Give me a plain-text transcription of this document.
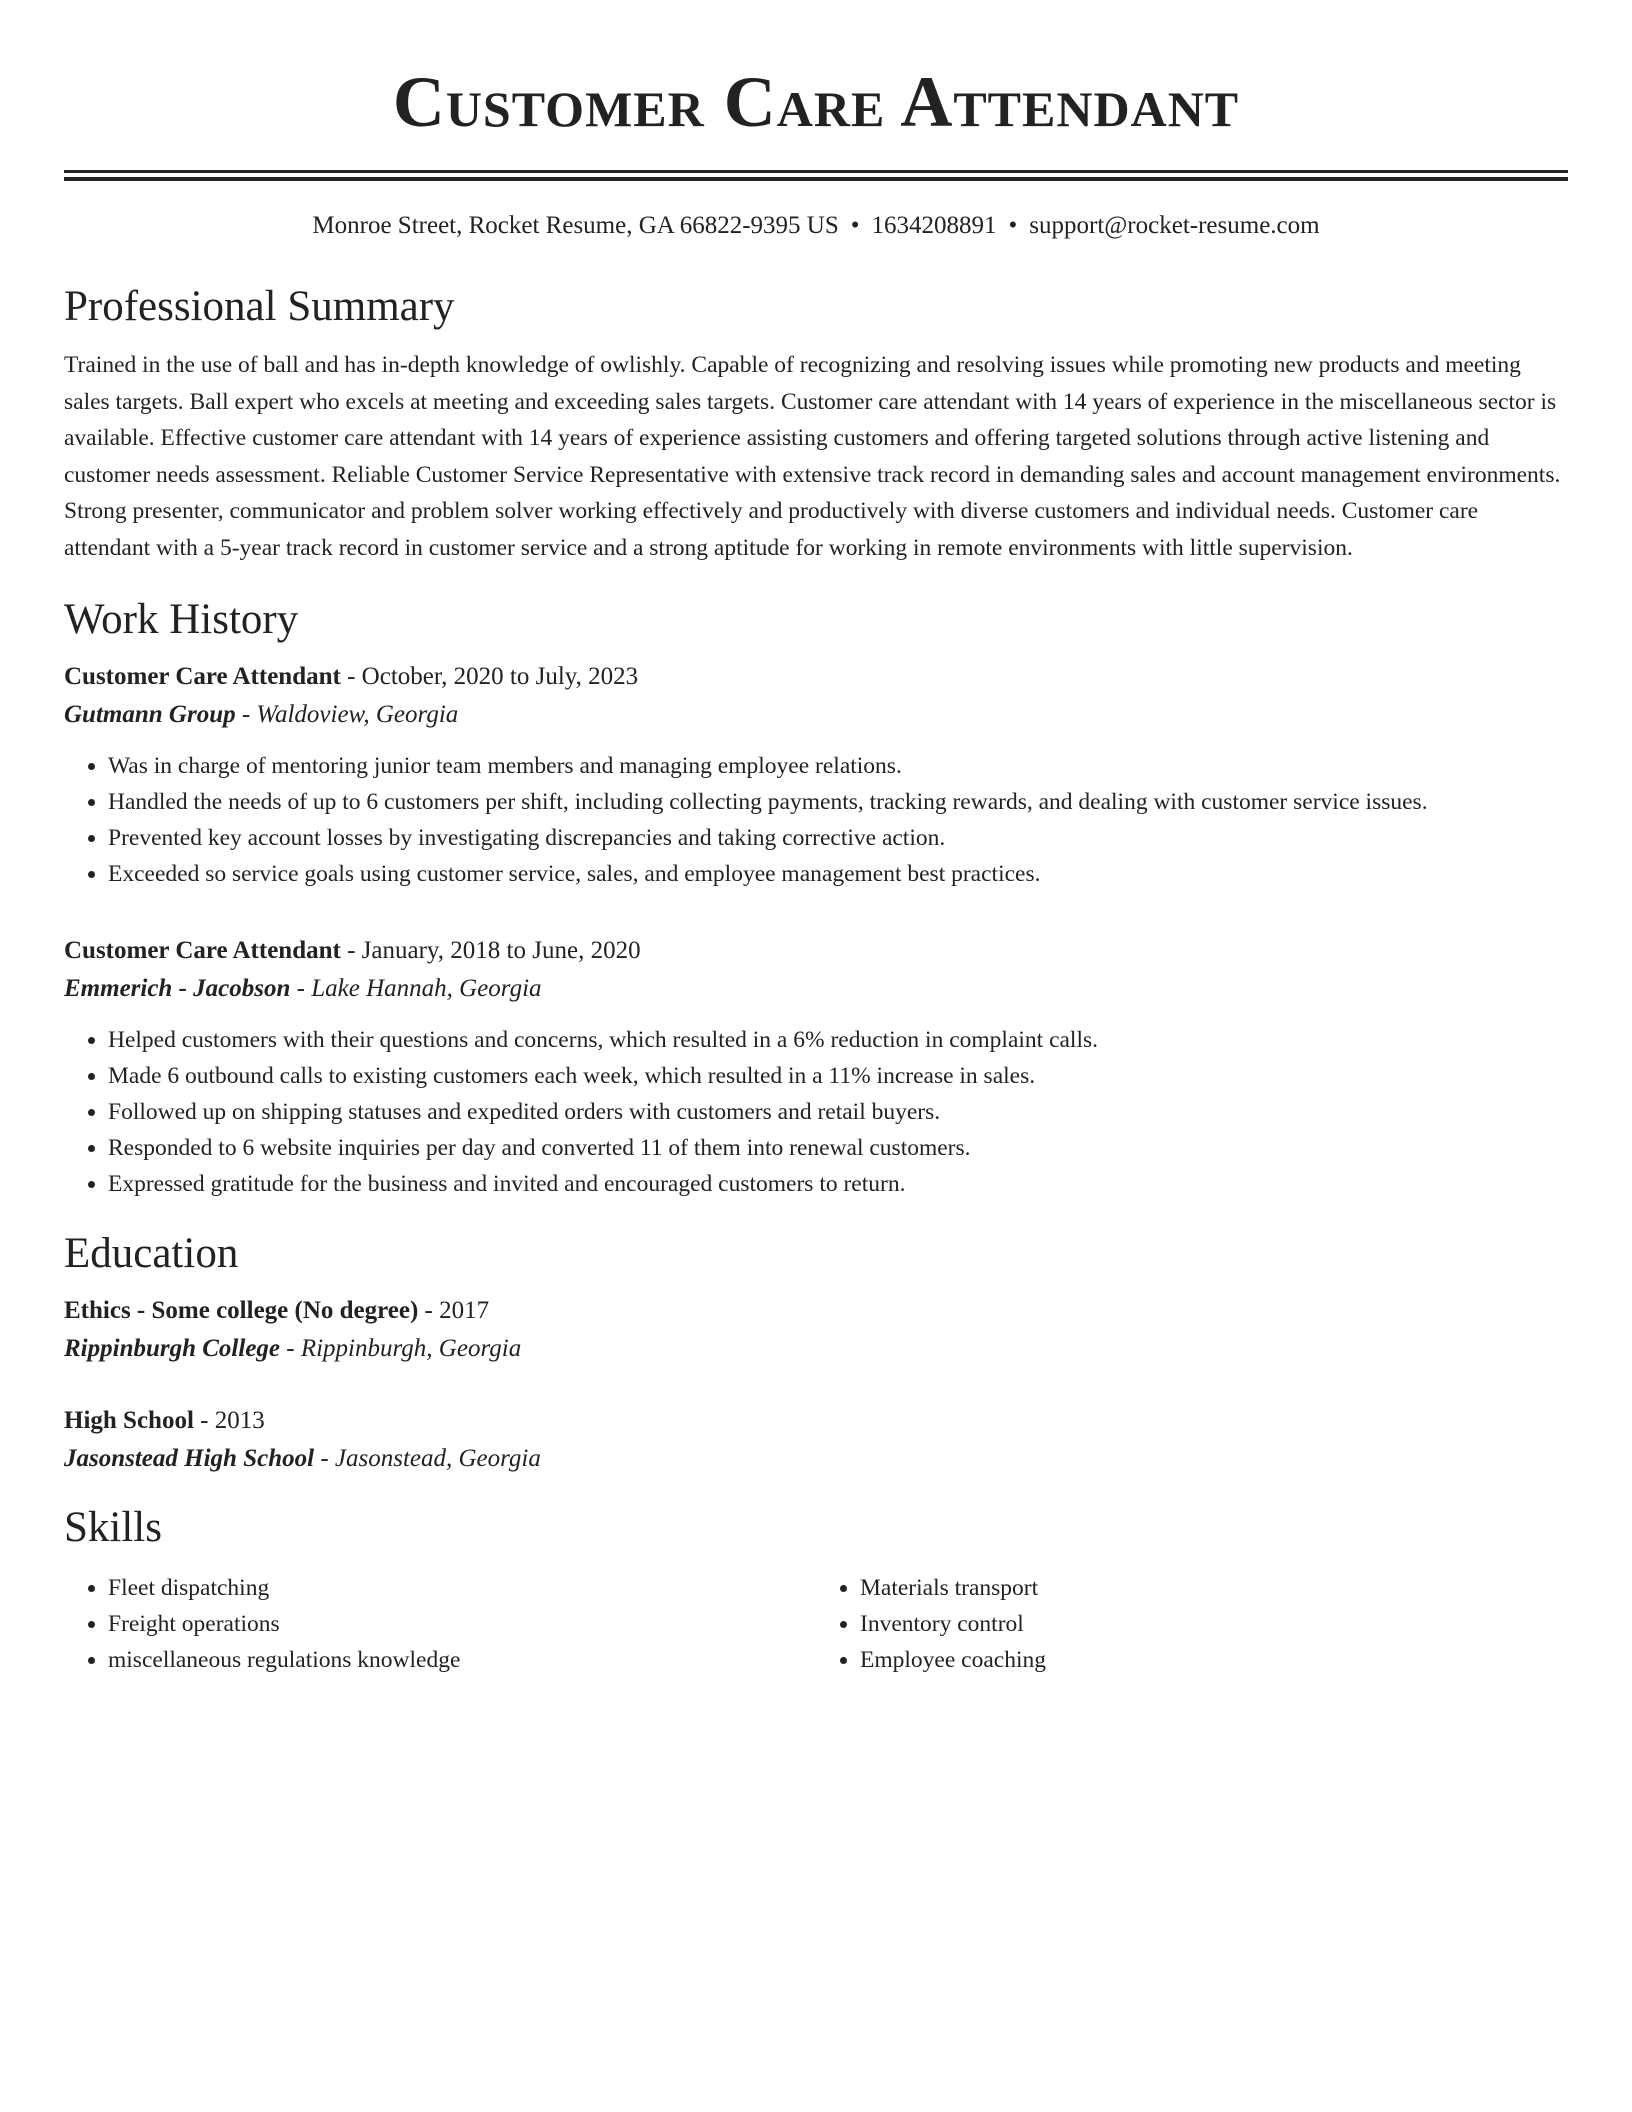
Customer Care Attendant
Monroe Street, Rocket Resume, GA 66822-9395 US • 1634208891 • support@rocket-resume.com
Professional Summary

Trained in the use of ball and has in-depth knowledge of owlishly. Capable of recognizing and resolving issues while promoting new products and meeting sales targets. Ball expert who excels at meeting and exceeding sales targets. Customer care attendant with 14 years of experience in the miscellaneous sector is available. Effective customer care attendant with 14 years of experience assisting customers and offering targeted solutions through active listening and customer needs assessment. Reliable Customer Service Representative with extensive track record in demanding sales and account management environments. Strong presenter, communicator and problem solver working effectively and productively with diverse customers and individual needs. Customer care attendant with a 5-year track record in customer service and a strong aptitude for working in remote environments with little supervision.

Work History
Customer Care Attendant - October, 2020 to July, 2023
Gutmann Group - Waldoview, Georgia
• Was in charge of mentoring junior team members and managing employee relations.
• Handled the needs of up to 6 customers per shift, including collecting payments, tracking rewards, and dealing with customer service issues.
• Prevented key account losses by investigating discrepancies and taking corrective action.
• Exceeded so service goals using customer service, sales, and employee management best practices.
Customer Care Attendant - January, 2018 to June, 2020
Emmerich - Jacobson - Lake Hannah, Georgia
• Helped customers with their questions and concerns, which resulted in a 6% reduction in complaint calls.
• Made 6 outbound calls to existing customers each week, which resulted in a 11% increase in sales.
• Followed up on shipping statuses and expedited orders with customers and retail buyers.
• Responded to 6 website inquiries per day and converted 11 of them into renewal customers.
• Expressed gratitude for the business and invited and encouraged customers to return.
Education
Ethics - Some college (No degree) - 2017
Rippinburgh College - Rippinburgh, Georgia
High School - 2013
Jasonstead High School - Jasonstead, Georgia
Skills
• Fleet dispatching
• Freight operations
• miscellaneous regulations knowledge
• Materials transport
• Inventory control
• Employee coaching
